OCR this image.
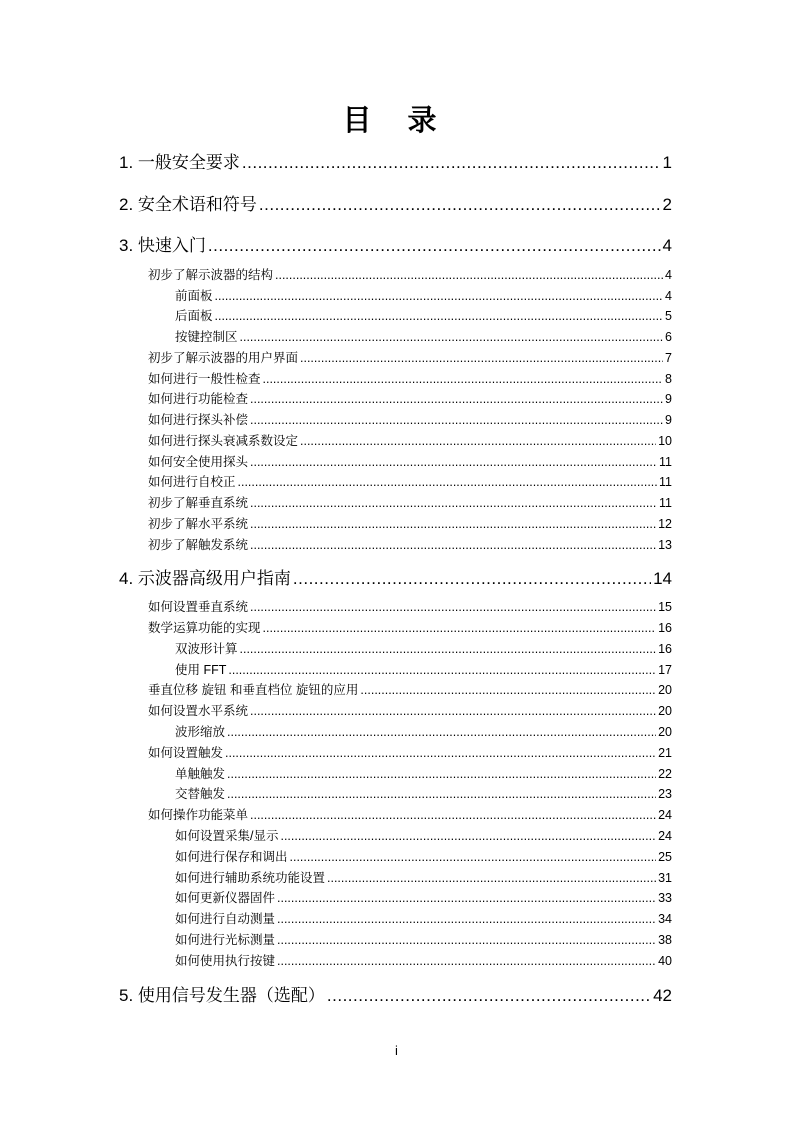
目 录
1. 一般安全要求 .....	1
2. 安全术语和符号 .....	2
3. 快速入门 .....	4
初步了解示波器的结构 .....	4
前面板 .....	4
后面板 .....	5
按键控制区 .....	6
初步了解示波器的用户界面 .....	7
如何进行一般性检查 .....	8
如何进行功能检查 .....	9
如何进行探头补偿 .....	9
如何进行探头衰减系数设定 .....	10
如何安全使用探头 .....	11
如何进行自校正 .....	11
初步了解垂直系统 .....	11
初步了解水平系统 .....	12
初步了解触发系统 .....	13
4. 示波器高级用户指南 .....	14
如何设置垂直系统 .....	15
数学运算功能的实现 .....	16
双波形计算 .....	16
使用 FFT .....	17
垂直位移 旋钮 和垂直档位 旋钮的应用 .....	20
如何设置水平系统 .....	20
波形缩放 .....	20
如何设置触发 .....	21
单触触发 .....	22
交替触发 .....	23
如何操作功能菜单 .....	24
如何设置采集/显示 .....	24
如何进行保存和调出 .....	25
如何进行辅助系统功能设置 .....	31
如何更新仪器固件 .....	33
如何进行自动测量 .....	34
如何进行光标测量 .....	38
如何使用执行按键 .....	40
5. 使用信号发生器（选配） .....	42
i
